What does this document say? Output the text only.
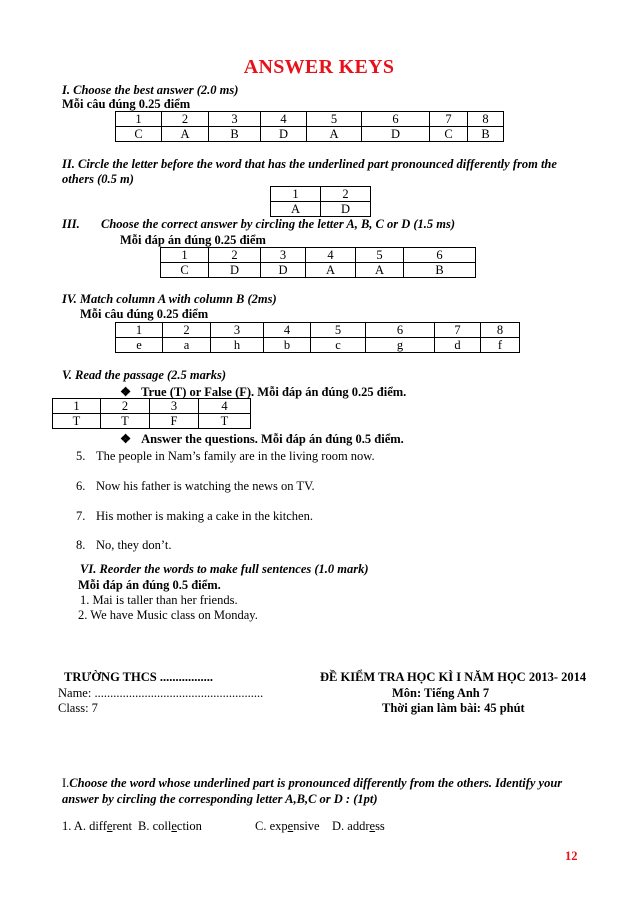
ANSWER KEYS
I. Choose the best answer (2.0 ms)
Mỗi câu đúng 0.25 điểm
1	2	3	4	5	6	7	8
C	A	B	D	A	D	C	B
II. Circle the letter before the word that has the underlined part pronounced differently from the
others (0.5 m)
1	2
A	D
III. Choose the correct answer by circling the letter A, B, C or D (1.5 ms)
Mỗi đáp án đúng 0.25 điểm
1	2	3	4	5	6
C	D	D	A	A	B
IV. Match column A with column B (2ms)
Mỗi câu đúng 0.25 điểm
1	2	3	4	5	6	7	8
e	a	h	b	c	g	d	f
V. Read the passage (2.5 marks)
❖ True (T) or False (F). Mỗi đáp án đúng 0.25 điểm.
1	2	3	4
T	T	F	T
❖ Answer the questions. Mỗi đáp án đúng 0.5 điểm.
5. The people in Nam’s family are in the living room now.
6. Now his father is watching the news on TV.
7. His mother is making a cake in the kitchen.
8. No, they don’t.
VI. Reorder the words to make full sentences (1.0 mark)
Mỗi đáp án đúng 0.5 điểm.
1. Mai is taller than her friends.
2. We have Music class on Monday.
TRƯỜNG THCS .................	ĐỀ KIỂM TRA HỌC KÌ I NĂM HỌC 2013- 2014
Name: ......................................................	Môn: Tiếng Anh 7
Class: 7	Thời gian làm bài: 45 phút
I.Choose the word whose underlined part is pronounced differently from the others. Identify your
answer by circling the corresponding letter A,B,C or D : (1pt)
1. A. different B. collection	C. expensive D. address
12
